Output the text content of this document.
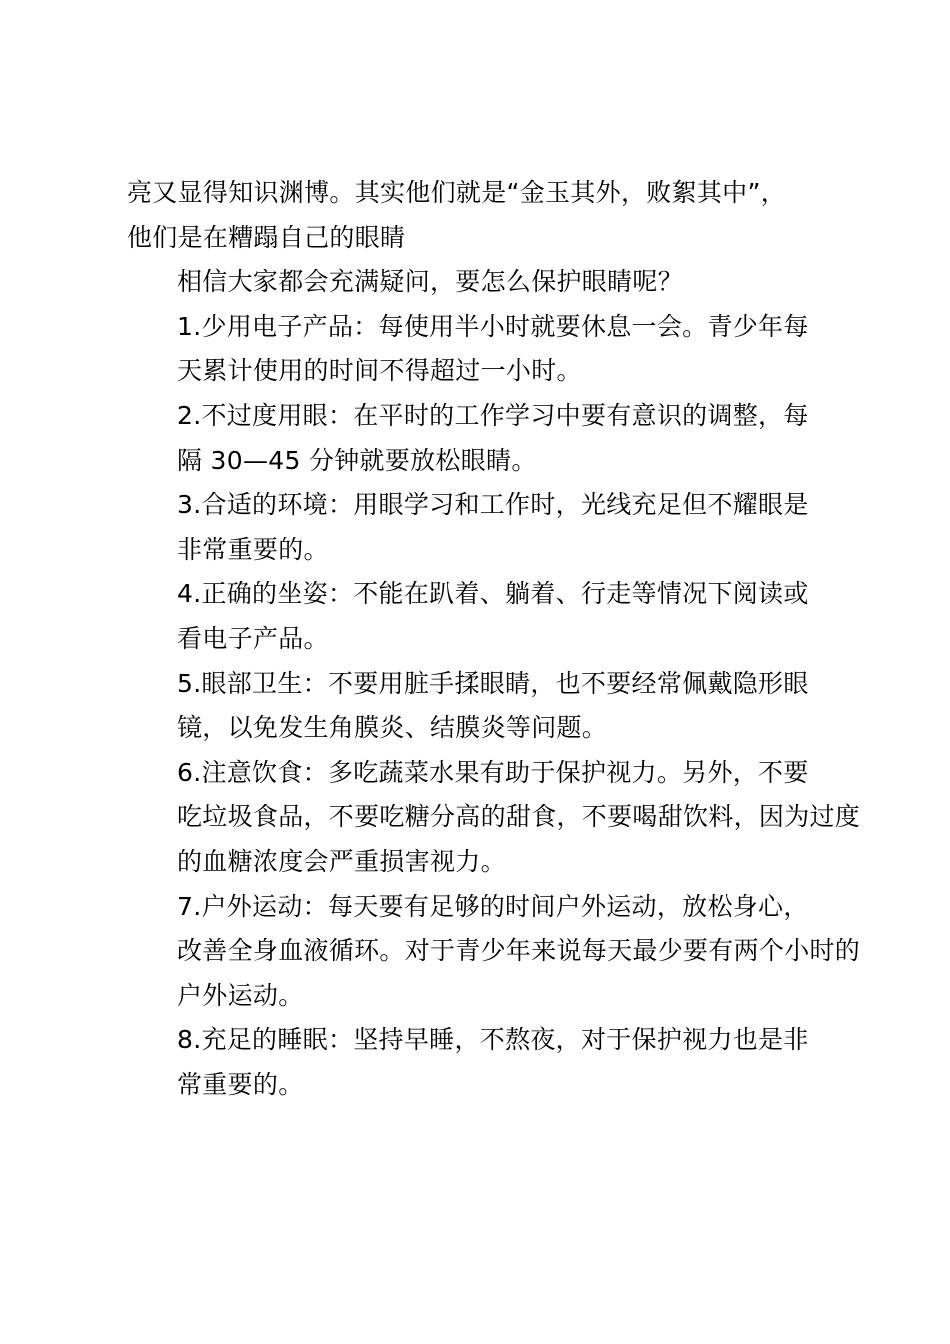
亮又显得知识渊博。其实他们就是“金玉其外，败絮其中”，
他们是在糟蹋自己的眼睛

相信大家都会充满疑问，要怎么保护眼睛呢？

1.少用电子产品：每使用半小时就要休息一会。青少年每
天累计使用的时间不得超过一小时。

2.不过度用眼：在平时的工作学习中要有意识的调整，每
隔 30—45 分钟就要放松眼睛。

3.合适的环境：用眼学习和工作时，光线充足但不耀眼是
非常重要的。

4.正确的坐姿：不能在趴着、躺着、行走等情况下阅读或
看电子产品。

5.眼部卫生：不要用脏手揉眼睛，也不要经常佩戴隐形眼
镜，以免发生角膜炎、结膜炎等问题。

6.注意饮食：多吃蔬菜水果有助于保护视力。另外，不要
吃垃圾食品，不要吃糖分高的甜食，不要喝甜饮料，因为过度
的血糖浓度会严重损害视力。

7.户外运动：每天要有足够的时间户外运动，放松身心，
改善全身血液循环。对于青少年来说每天最少要有两个小时的
户外运动。

8.充足的睡眠：坚持早睡，不熬夜，对于保护视力也是非
常重要的。
